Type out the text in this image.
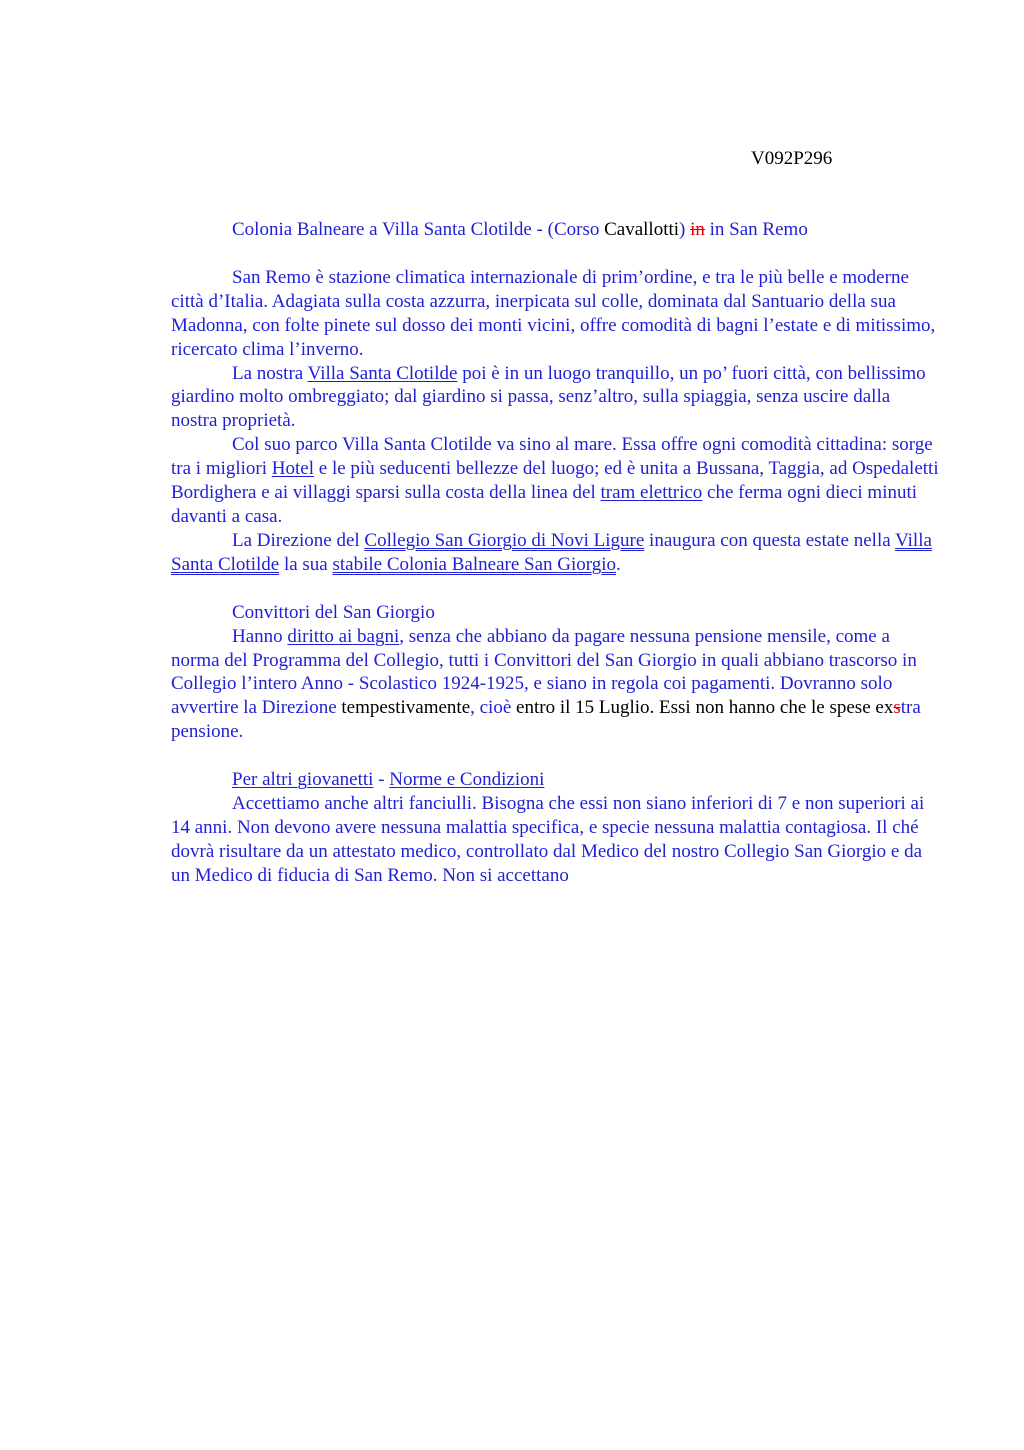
V092P296

Colonia Balneare a Villa Santa Clotilde - (Corso Cavallotti) in in San Remo

San Remo è stazione climatica internazionale di prim’ordine, e tra le più belle e moderne città d’Italia. Adagiata sulla costa azzurra, inerpicata sul colle, dominata dal Santuario della sua Madonna, con folte pinete sul dosso dei monti vicini, offre comodità di bagni l’estate e di mitissimo, ricercato clima l’inverno.

La nostra Villa Santa Clotilde poi è in un luogo tranquillo, un po’ fuori città, con bellissimo giardino molto ombreggiato; dal giardino si passa, senz’altro, sulla spiaggia, senza uscire dalla nostra proprietà.

Col suo parco Villa Santa Clotilde va sino al mare. Essa offre ogni comodità cittadina: sorge tra i migliori Hotel e le più seducenti bellezze del luogo; ed è unita a Bussana, Taggia, ad Ospedaletti Bordighera e ai villaggi sparsi sulla costa della linea del tram elettrico che ferma ogni dieci minuti davanti a casa.

La Direzione del Collegio San Giorgio di Novi Ligure inaugura con questa estate nella Villa Santa Clotilde la sua stabile Colonia Balneare San Giorgio.

Convittori del San Giorgio

Hanno diritto ai bagni, senza che abbiano da pagare nessuna pensione mensile, come a norma del Programma del Collegio, tutti i Convittori del San Giorgio in quali abbiano trascorso in Collegio l’intero Anno - Scolastico 1924-1925, e siano in regola coi pagamenti. Dovranno solo avvertire la Direzione tempestivamente, cioè entro il 15 Luglio. Essi non hanno che le spese exstra pensione.

Per altri giovanetti - Norme e Condizioni

Accettiamo anche altri fanciulli. Bisogna che essi non siano inferiori di 7 e non superiori ai 14 anni. Non devono avere nessuna malattia specifica, e specie nessuna malattia contagiosa. Il ché dovrà risultare da un attestato medico, controllato dal Medico del nostro Collegio San Giorgio e da un Medico di fiducia di San Remo. Non si accettano
